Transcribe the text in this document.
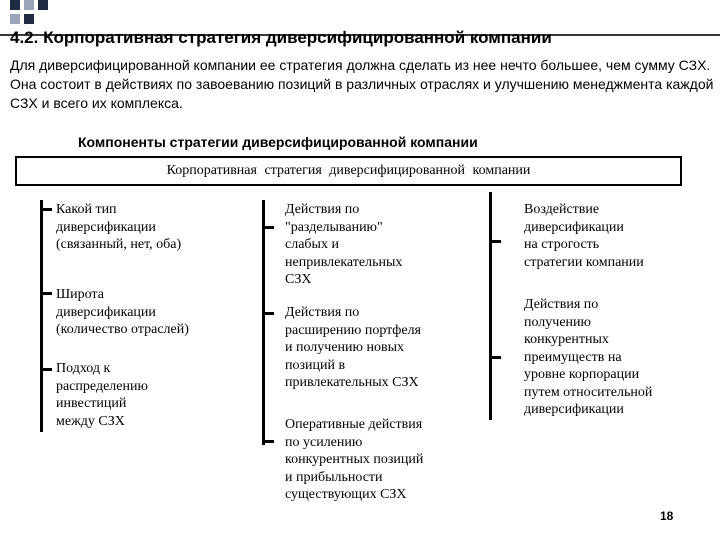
4.2. Корпоративная стратегия диверсифицированной компании
Для диверсифицированной компании ее стратегия должна сделать из нее нечто большее, чем сумму СЗХ. Она состоит в действиях по завоеванию позиций в различных отраслях и улучшению менеджмента каждой СЗХ и всего их комплекса.
Компоненты стратегии диверсифицированной компании
Корпоративная стратегия диверсифицированной компании
Какой тип
диверсификации
(связанный, нет, оба)
Широта
диверсификации
(количество отраслей)
Подход к
распределению
инвестиций
между СЗХ
Действия по
"разделыванию"
слабых и
непривлекательных
СЗХ
Действия по
расширению портфеля
и получению новых
позиций в
привлекательных СЗХ
Оперативные действия
по усилению
конкурентных позиций
и прибыльности
существующих СЗХ
Воздействие
диверсификации
на строгость
стратегии компании
Действия по
получению
конкурентных
преимуществ на
уровне корпорации
путем относительной
диверсификации
18
